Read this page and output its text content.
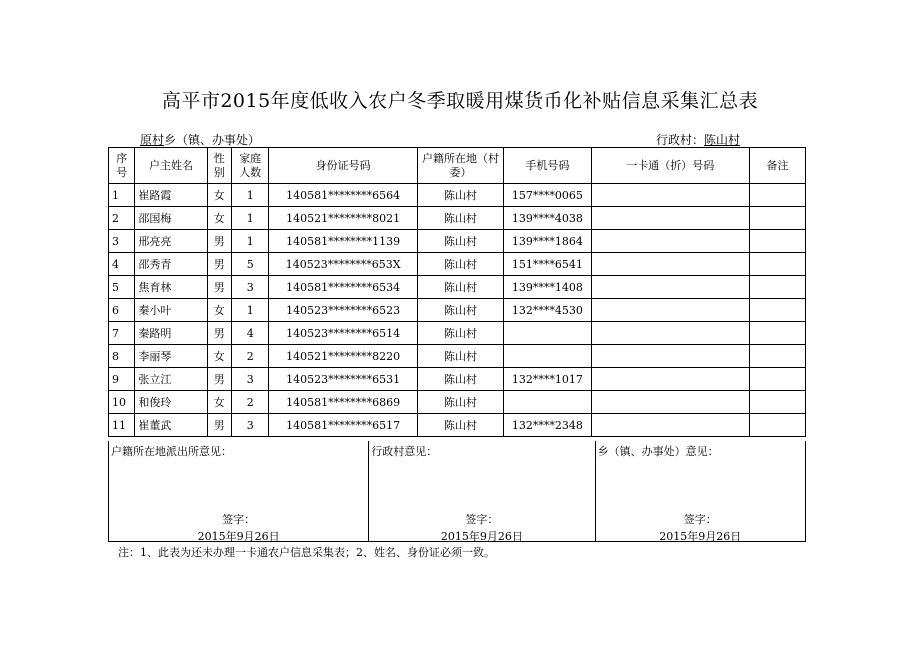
高平市2015年度低收入农户冬季取暖用煤货币化补贴信息采集汇总表
原村乡（镇、办事处）	行政村：陈山村
序号	户主姓名	性别	家庭人数	身份证号码	户籍所在地（村委）	手机号码	一卡通（折）号码	备注
1	崔路霞	女	1	140581********6564	陈山村	157****0065		
2	邵国梅	女	1	140521********8021	陈山村	139****4038		
3	邢亮亮	男	1	140581********1139	陈山村	139****1864		
4	邵秀青	男	5	140523********653X	陈山村	151****6541		
5	焦育林	男	3	140581********6534	陈山村	139****1408		
6	秦小叶	女	1	140523********6523	陈山村	132****4530		
7	秦路明	男	4	140523********6514	陈山村			
8	李丽琴	女	2	140521********8220	陈山村			
9	张立江	男	3	140523********6531	陈山村	132****1017		
10	和俊玲	女	2	140581********6869	陈山村			
11	崔董武	男	3	140581********6517	陈山村	132****2348		
户籍所在地派出所意见：
签字：
2015年9月26日
行政村意见：
签字：
2015年9月26日
乡（镇、办事处）意见：
签字：
2015年9月26日
注：1、此表为还未办理一卡通农户信息采集表；2、姓名、身份证必须一致。
